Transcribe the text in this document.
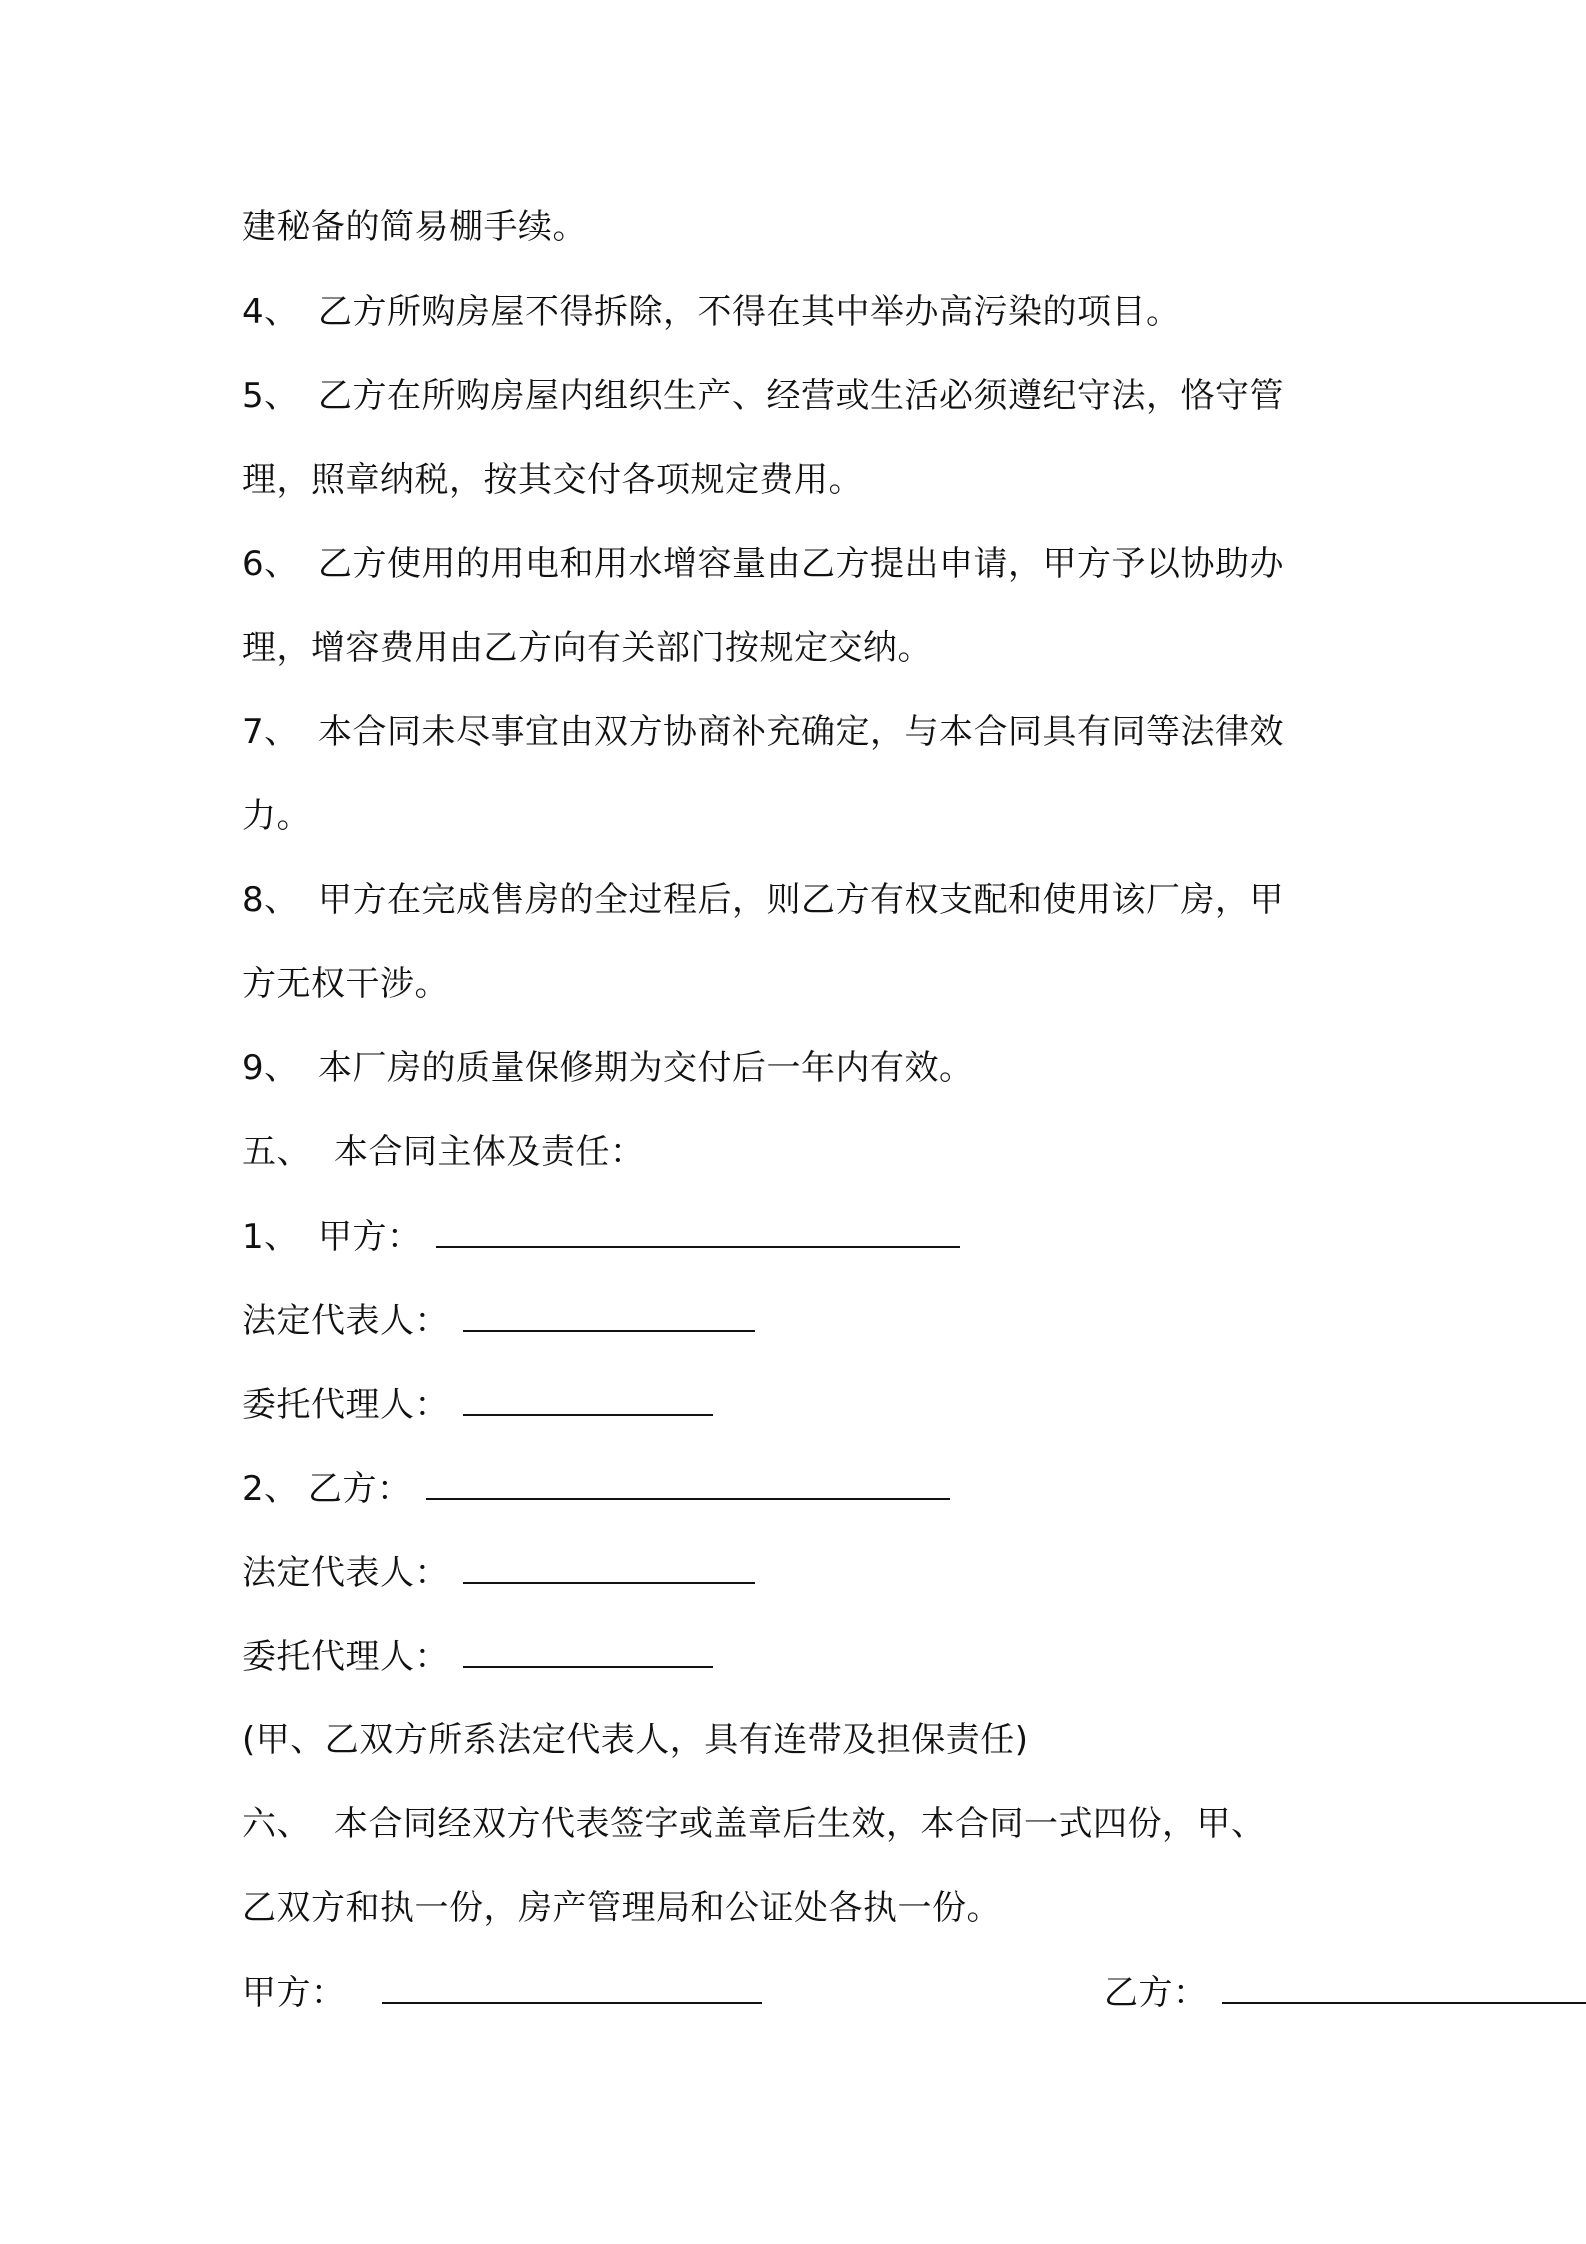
建秘备的简易棚手续。
4、 乙方所购房屋不得拆除，不得在其中举办高污染的项目。
5、 乙方在所购房屋内组织生产、经营或生活必须遵纪守法，恪守管
理，照章纳税，按其交付各项规定费用。
6、 乙方使用的用电和用水增容量由乙方提出申请，甲方予以协助办
理，增容费用由乙方向有关部门按规定交纳。
7、 本合同未尽事宜由双方协商补充确定，与本合同具有同等法律效
力。
8、 甲方在完成售房的全过程后，则乙方有权支配和使用该厂房，甲
方无权干涉。
9、 本厂房的质量保修期为交付后一年内有效。
五、 本合同主体及责任：
1、 甲方：
法定代表人：
委托代理人：
2、 乙方：
法定代表人：
委托代理人：
(甲、乙双方所系法定代表人，具有连带及担保责任)
六、 本合同经双方代表签字或盖章后生效，本合同一式四份，甲、
乙双方和执一份，房产管理局和公证处各执一份。
甲方：	乙方：
